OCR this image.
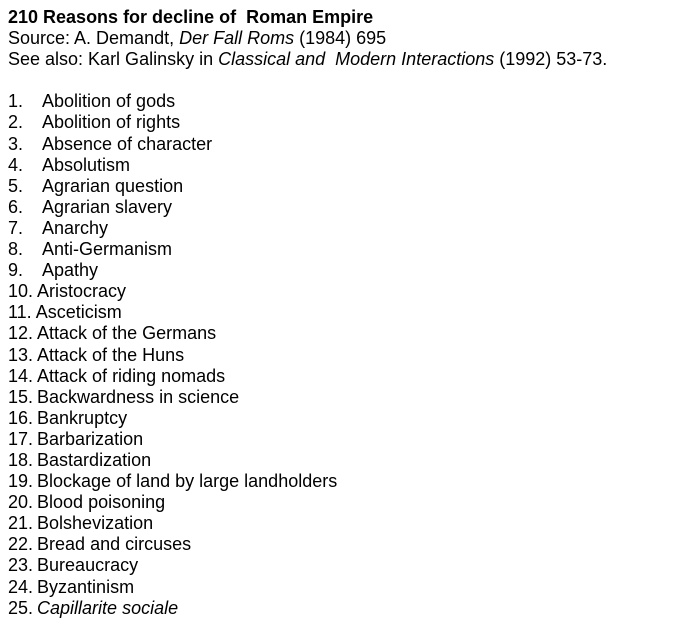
210 Reasons for decline of  Roman Empire

Source: A. Demandt, Der Fall Roms (1984) 695

See also: Karl Galinsky in Classical and  Modern Interactions (1992) 53-73.

1.	Abolition of gods
2.	Abolition of rights
3.	Absence of character
4.	Absolutism
5.	Agrarian question
6.	Agrarian slavery
7.	Anarchy
8.	Anti-Germanism
9.	Apathy
10. Aristocracy
11. Asceticism
12. Attack of the Germans
13. Attack of the Huns
14. Attack of riding nomads
15. Backwardness in science
16. Bankruptcy
17. Barbarization
18. Bastardization
19. Blockage of land by large landholders
20. Blood poisoning
21. Bolshevization
22. Bread and circuses
23. Bureaucracy
24. Byzantinism
25. Capillarite sociale
